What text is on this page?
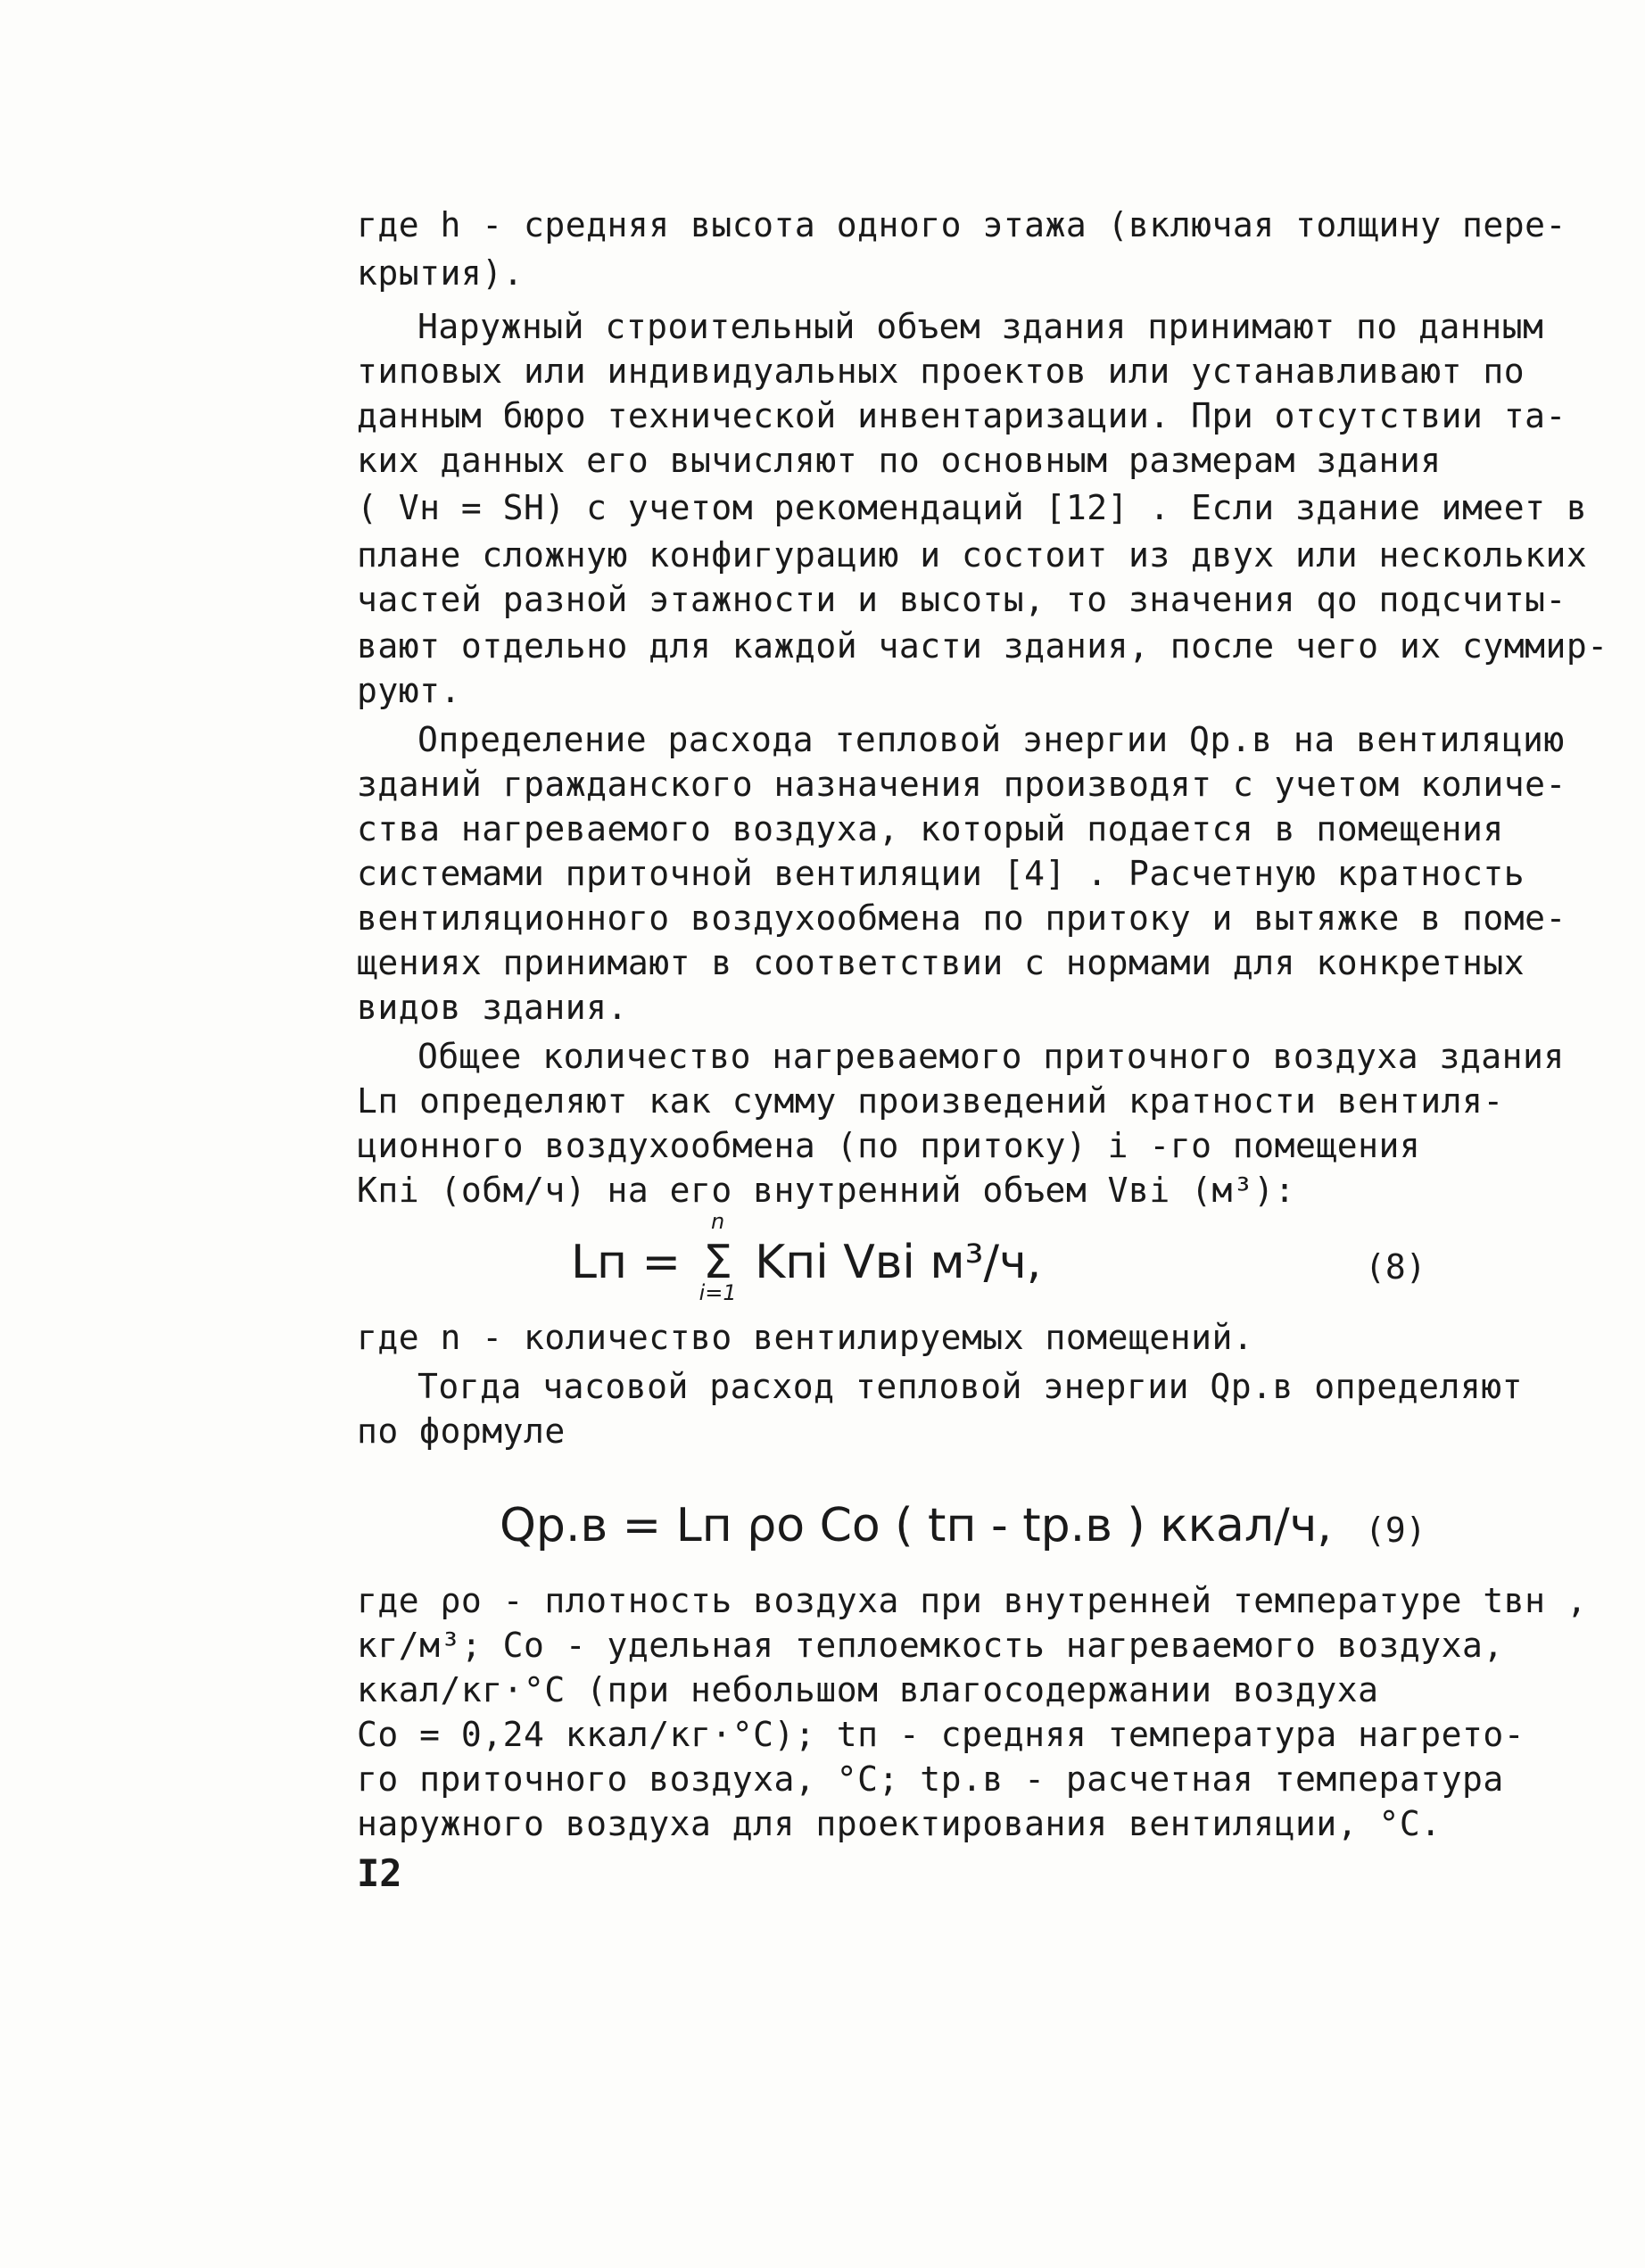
где h - средняя высота одного этажа (включая толщину пере-
крытия).
Наружный строительный объем здания принимают по данным
типовых или индивидуальных проектов или устанавливают по
данным бюро технической инвентаризации. При отсутствии та-
ких данных его вычисляют по основным размерам здания
( Vн = SH) с учетом рекомендаций [12] . Если здание имеет в
плане сложную конфигурацию и состоит из двух или нескольких
частей разной этажности и высоты, то значения qo подсчиты-
вают отдельно для каждой части здания, после чего их суммир-
руют.
Определение расхода тепловой энергии Qр.в на вентиляцию
зданий гражданского назначения производят с учетом количе-
ства нагреваемого воздуха, который подается в помещения
системами приточной вентиляции [4] . Расчетную кратность
вентиляционного воздухообмена по притоку и вытяжке в поме-
щениях принимают в соответствии с нормами для конкретных
видов здания.
Общее количество нагреваемого приточного воздуха здания
Lп определяют как сумму произведений кратности вентиля-
ционного воздухообмена (по притоку) i -го помещения
Kпi (обм/ч) на его внутренний объем Vвi (м³):
Lп = Σ
n
i=1
Kпi Vвi м³/ч,	(8)
где n - количество вентилируемых помещений.
Тогда часовой расход тепловой энергии Qр.в определяют
по формуле
Qр.в = Lп ρo Co ( tп - tр.в ) ккал/ч, (9)
где ρo - плотность воздуха при внутренней температуре tвн ,
кг/м³; Co - удельная теплоемкость нагреваемого воздуха,
ккал/кг·°С (при небольшом влагосодержании воздуха
Co = 0,24 ккал/кг·°С); tп - средняя температура нагрето-
го приточного воздуха, °С; tр.в - расчетная температура
наружного воздуха для проектирования вентиляции, °С.
I2
